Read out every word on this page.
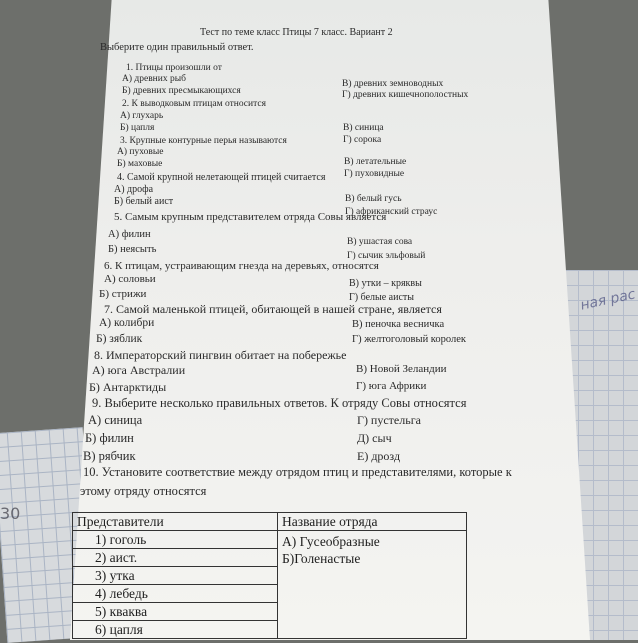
ная рас
30
Тест по теме класс Птицы 7 класс. Вариант 2
Выберите один правильный ответ.
1. Птицы произошли от
А) древних рыб
Б) древних пресмыкающихся
В) древних земноводных
Г) древних кишечнополостных
2. К выводковым птицам относится
А) глухарь
Б) цапля	В) синица
Г) сорока
3. Крупные контурные перья называются
А) пуховые
Б) маховые	В) летательные
Г) пуховидные
4. Самой крупной нелетающей птицей считается
А) дрофа
Б) белый аист	В) белый гусь
Г) африканский страус
5. Самым крупным представителем отряда Совы является
А) филин
Б) неясыть
В) ушастая сова
Г) сычик эльфовый
6. К птицам, устраивающим гнезда на деревьях, относятся
А) соловьи
Б) стрижи
В) утки – кряквы
Г) белые аисты
7. Самой маленькой птицей, обитающей в нашей стране, является
А) колибри
Б) зяблик
В) пеночка весничка
Г) желтоголовый королек
8. Императорский пингвин обитает на побережье
А) юга Австралии
Б) Антарктиды
В) Новой Зеландии
Г) юга Африки
9. Выберите несколько правильных ответов. К отряду Совы относятся
А) синица
Б) филин
В) рябчик
Г) пустельга
Д) сыч
Е) дрозд
10. Установите соответствие между отрядом птиц и представителями, которые к
этому отряду относятся
Представители	Название отряда
1) гоголь	А) Гусеобразные
Б)Голенастые

2) аист.	
3) утка	
4) лебедь	
5) кваква	
6) цапля	
